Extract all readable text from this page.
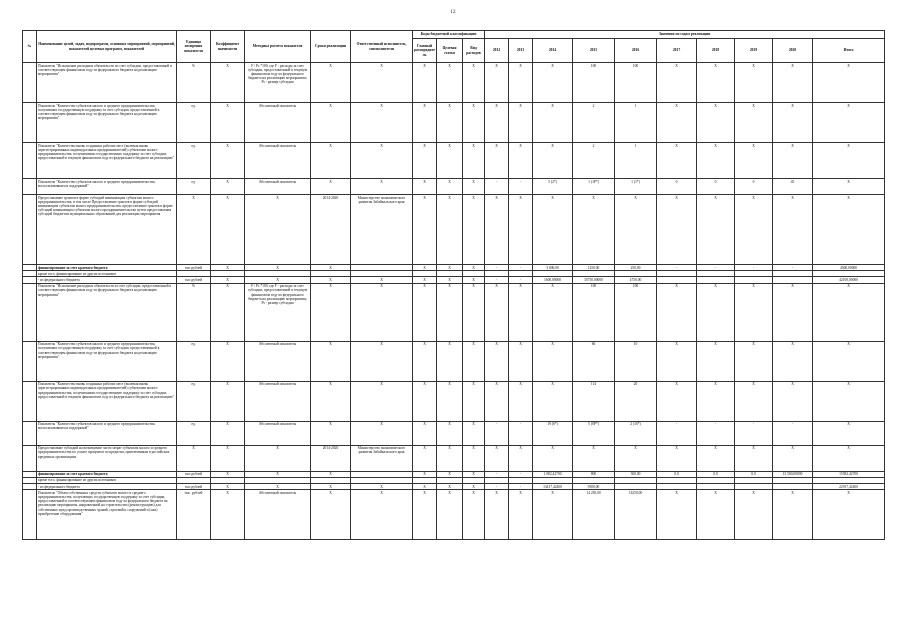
12
№	Наименование целей, задач, подпрограмм, основных мероприятий, мероприятий, показателей целевых программ, показателей	Единица измерения показателя	Коэффициент значимости	Методика расчета показателя	Сроки реализации	Ответственный исполнитель, соисполнители	Коды бюджетной классификации			Значения по годам реализации									
							Главный распорядитель	Целевая статья	Вид расходов	2012	2013	2014	2015	2016	2017	2018	2019	2020	Итого
	Показатель "Исполнение расходных обязательств по счет субсидии, предоставленной в соответствующем финансовом году из федерального бюджета на реализацию мероприятия"	%	X	F / Ps *100, где F - расходы за счет субсидии, предоставленной в текущем финансовом году из федерального бюджета на реализацию мероприятия; Ps - размер субсидии	X	X	X	X	X	X	X	X	100	100	X	X	X	X	X
	Показатель "Количество субъектов малого и среднего предпринимательства, получивших государственную поддержку за счет субсидии, предоставленной в соответствующем финансовом году из федерального бюджета на реализацию мероприятия"	ед.	X	Абсолютный показатель	X	X	X	X	X	X	X	X	2	1	X	X	X	X	X
	Показатель "Количество вновь созданных рабочих мест (включая вновь зарегистрированных индивидуальных предпринимателей) субъектами малого предпринимательства, получившими государственную поддержку за счет субсидии, предоставленной в текущем финансовом году из федерального бюджета на реализацию"	ед.	X	Абсолютный показатель	X	X	X	X	X	X	X	X	2	1	X	X	X	X	X
	Показатель "Количество субъектов малого и среднего предпринимательства, воспользовавшихся поддержкой"	ед.	X	Абсолютный показатель	X	X	X	X	X	-	-	5 (2*)	1 (1Р*)	1 (1*)	0	0	0	45	X
	Предоставление грантов в форме субсидий начинающим субъектам малого предпринимательства, в том числе Предоставление грантов в форме субсидий начинающим субъектам малого предпринимательства, предоставление грантов в форме субсидий начинающим субъектам малого предпринимательства путем предоставления субсидий бюджетам муниципальных образований для реализации мероприятия	X	X	X	2014-2020	Министерство экономического развития Забайкальского края	X	X	X	X	X	X	X	X	X	X	X	X	X
	финансирование за счет краевого бюджета	тыс.рублей	X	X	X		X	X	X	-	-	3 000,00	1250,00	250,00	-	-	-	-	4500,00000
	кроме того, финансирование из других источников																		
	- из федерального бюджета	тыс.рублей	X	X	X	X	X	X	X	-	-	1600,00000	35750,00000	4750,00					42100,00000
	Показатель "Исполнение расходных обязательств за счет субсидии, предоставленной в соответствующем финансовом году из федерального бюджета на реализацию мероприятия"	%	X	F / Ps *100, где F - расходы за счет субсидии, предоставленной в текущем финансовом году из федерального бюджета на реализацию мероприятия; Ps - размер субсидии	X	X	X	X	X	X	X	X	100	100	X	X	X	X	X
	Показатель "Количество субъектов малого и среднего предпринимательства, получивших государственную поддержку за счет субсидии, предоставленной в соответствующем финансовом году из федерального бюджета на реализацию мероприятия"	ед.	X	Абсолютный показатель	X	X	X	X	X	X	X	X	66	10	X	X	X	X	X
	Показатель "Количество вновь созданных рабочих мест (включая вновь зарегистрированных индивидуальных предпринимателей) субъектами малого предпринимательства, получившими государственную поддержку за счет субсидии, предоставленной в текущем финансовом году из федерального бюджета на реализацию"	ед.	X	Абсолютный показатель	X	X	X	X	X	X	X	X	114	20	X	X	X	X	X
	Показатель "Количество субъектов малого и среднего предпринимательства, воспользовавшихся поддержкой"	ед.	X	Абсолютный показатель	X	X	X	X	X	-	-	19 (6*)	5 (0Р*)	2 (16*)	-	-	-	-	X
	Предоставление субсидий на возмещение части затрат субъектам малого и среднего предпринимательства по уплате процентов по кредитам, привлеченным в российских кредитных организациях	X	X	X	2014-2020	Министерство экономического развития Забайкальского края	X	X	X	X	X	X	X	X	X	X	X	X	X
	финансирование за счет краевого бюджета	тыс.рублей	X	X	X		X	X	X	-	-	1 082,42700	800	300,00	0,0	0,0	0,0	13 500,00000	15582,42700
	кроме того, финансирование из других источников																		
	- из федерального бюджета	тыс.рублей	X	X	X	X	X	X	X	-	-	13417,42400	9500,00						22917,42400
	Показатель "Объем собственных средств субъектов малого и среднего предпринимательства, получающих государственную поддержку за счет субсидии, предоставленной в соответствующем финансовом году из федерального бюджета на реализацию мероприятия, направленной на строительство (реконструкцию) для собственных нужд производственных зданий, строений и сооружений и (или) приобретение оборудования"	тыс. рублей	X	Абсолютный показатель	X	X	X	X	X	X	X	X	14 250,00	14250,00	X	X	X	X	X
